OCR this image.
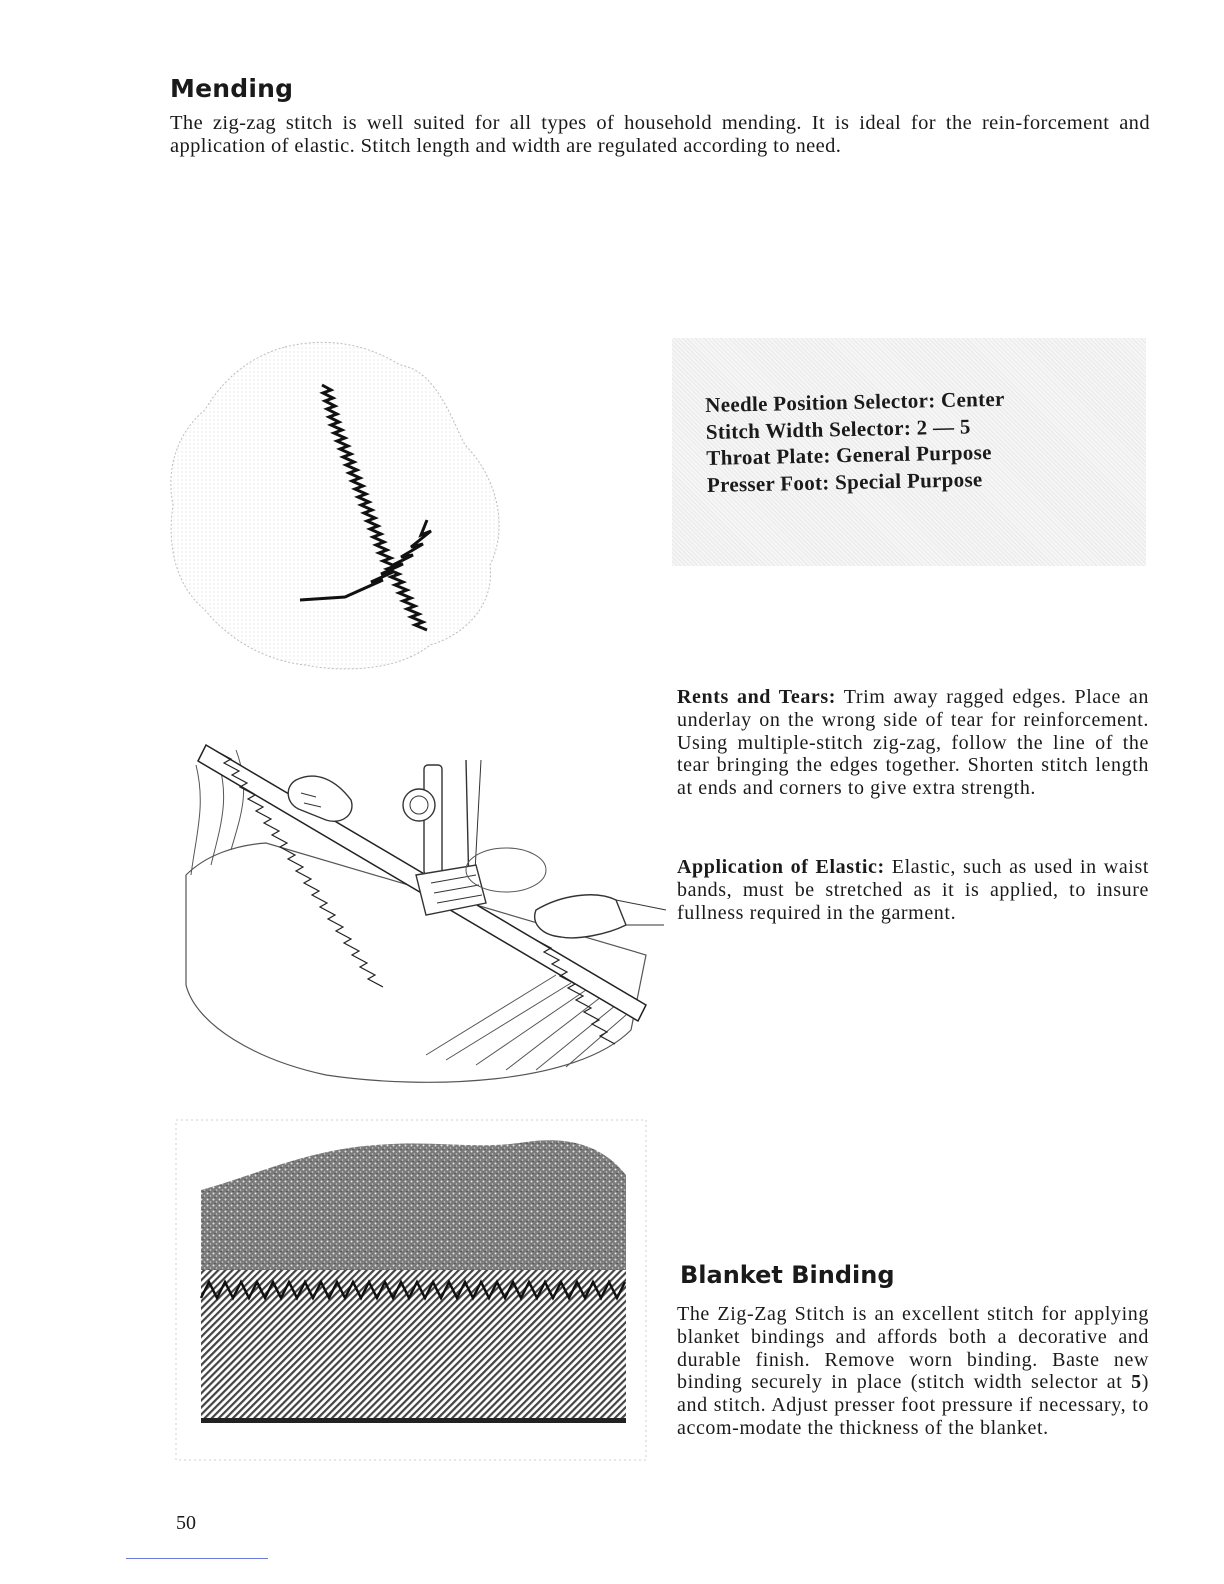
Mending

The zig-zag stitch is well suited for all types of household mending. It is ideal for the rein-forcement and application of elastic. Stitch length and width are regulated according to need.

Needle Position Selector: Center
Stitch Width Selector: 2 — 5
Throat Plate: General Purpose
Presser Foot: Special Purpose

Rents and Tears: Trim away ragged edges. Place an underlay on the wrong side of tear for reinforcement. Using multiple-stitch zig-zag, follow the line of the tear bringing the edges together. Shorten stitch length at ends and corners to give extra strength.

Application of Elastic: Elastic, such as used in waist bands, must be stretched as it is applied, to insure fullness required in the garment.

Blanket Binding

The Zig-Zag Stitch is an excellent stitch for applying blanket bindings and affords both a decorative and durable finish. Remove worn binding. Baste new binding securely in place (stitch width selector at 5) and stitch. Adjust presser foot pressure if necessary, to accom-modate the thickness of the blanket.

50
